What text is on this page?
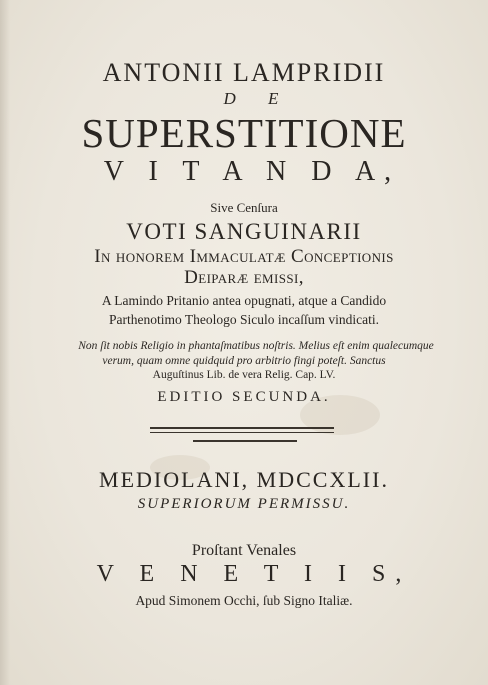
ANTONII LAMPRIDII
D E
SUPERSTITIONE
V I T A N D A,
Sive Cenſura
VOTI SANGUINARII
In honorem Immaculatæ Conceptionis
Deiparæ emissi,
A Lamindo Pritanio antea opugnati, atque a Candido
Parthenotimo Theologo Siculo incaſſum vindicati.
Non ſit nobis Religio in phantaſmatibus noſtris. Melius eſt enim qualecumque
verum, quam omne quidquid pro arbitrio fingi poteſt. Sanctus
Auguſtinus Lib. de vera Relig. Cap. LV.
EDITIO SECUNDA.
MEDIOLANI, MDCCXLII.
SUPERIORUM PERMISSU.
Proſtant Venales
V E N E T I I S,
Apud Simonem Occhi, ſub Signo Italiæ.
